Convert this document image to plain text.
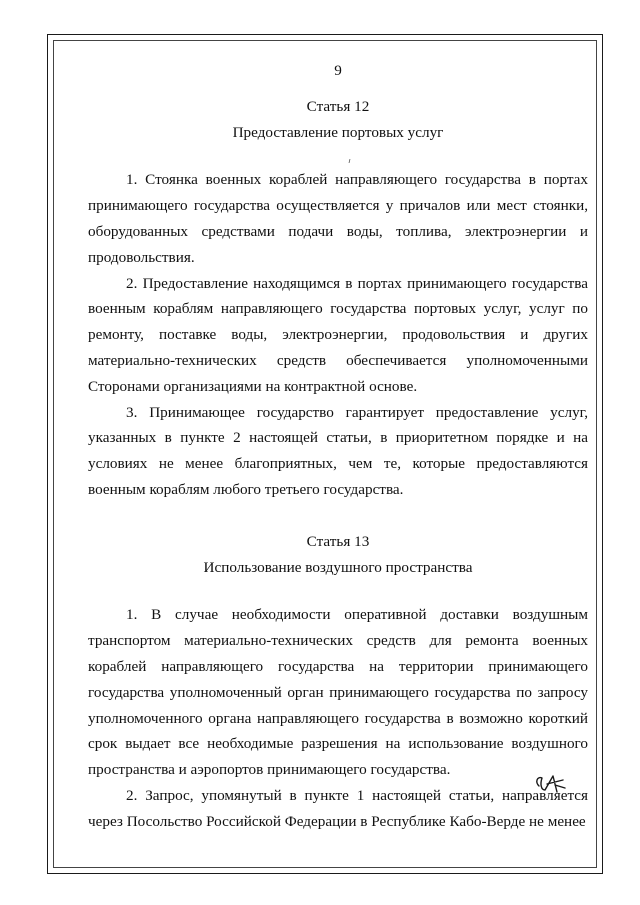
9
Статья 12
Предоставление портовых услуг

1. Стоянка военных кораблей направляющего государства в портах принимающего государства осуществляется у причалов или мест стоянки, оборудованных средствами подачи воды, топлива, электроэнергии и продовольствия.

2. Предоставление находящимся в портах принимающего государства военным кораблям направляющего государства портовых услуг, услуг по ремонту, поставке воды, электроэнергии, продовольствия и других материально-технических средств обеспечивается уполномоченными Сторонами организациями на контрактной основе.

3. Принимающее государство гарантирует предоставление услуг, указанных в пункте 2 настоящей статьи, в приоритетном порядке и на условиях не менее благоприятных, чем те, которые предоставляются военным кораблям любого третьего государства.

Статья 13
Использование воздушного пространства

1. В случае необходимости оперативной доставки воздушным транспортом материально-технических средств для ремонта военных кораблей направляющего государства на территории принимающего государства уполномоченный орган принимающего государства по запросу уполномоченного органа направляющего государства в возможно короткий срок выдает все необходимые разрешения на использование воздушного пространства и аэропортов принимающего государства.

2. Запрос, упомянутый в пункте 1 настоящей статьи, направляется через Посольство Российской Федерации в Республике Кабо-Верде не менее
